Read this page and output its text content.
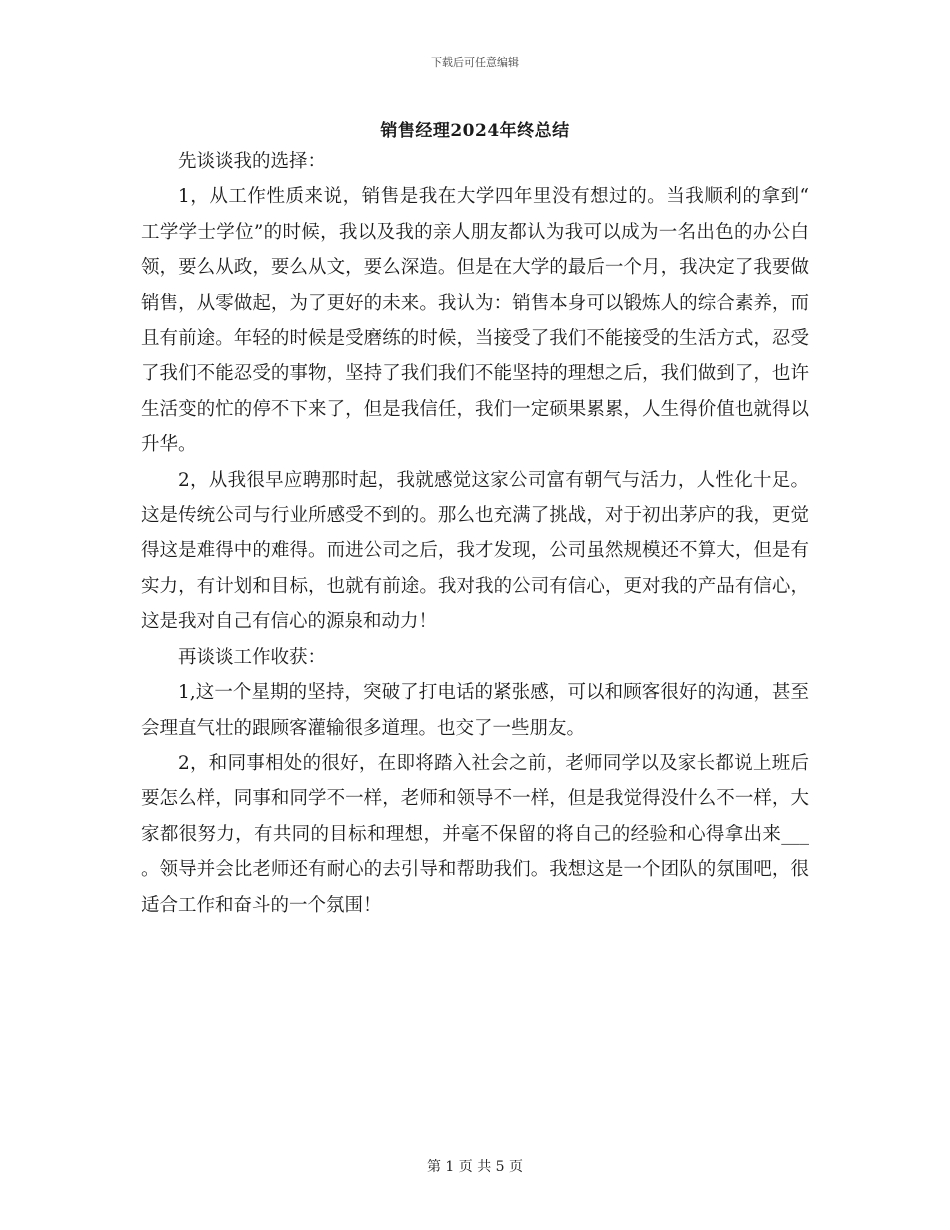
下载后可任意编辑
销售经理2024年终总结

先谈谈我的选择：

1，从工作性质来说，销售是我在大学四年里没有想过的。当我顺利的拿到“工学学士学位”的时候，我以及我的亲人朋友都认为我可以成为一名出色的办公白领，要么从政，要么从文，要么深造。但是在大学的最后一个月，我决定了我要做销售，从零做起，为了更好的未来。我认为：销售本身可以锻炼人的综合素养，而且有前途。年轻的时候是受磨练的时候，当接受了我们不能接受的生活方式，忍受了我们不能忍受的事物，坚持了我们我们不能坚持的理想之后，我们做到了，也许生活变的忙的停不下来了，但是我信任，我们一定硕果累累，人生得价值也就得以升华。

2，从我很早应聘那时起，我就感觉这家公司富有朝气与活力，人性化十足。这是传统公司与行业所感受不到的。那么也充满了挑战，对于初出茅庐的我，更觉得这是难得中的难得。而进公司之后，我才发现，公司虽然规模还不算大，但是有实力，有计划和目标，也就有前途。我对我的公司有信心，更对我的产品有信心，这是我对自己有信心的源泉和动力！

再谈谈工作收获：

1,这一个星期的坚持，突破了打电话的紧张感，可以和顾客很好的沟通，甚至会理直气壮的跟顾客灌输很多道理。也交了一些朋友。

2，和同事相处的很好，在即将踏入社会之前，老师同学以及家长都说上班后要怎么样，同事和同学不一样，老师和领导不一样，但是我觉得没什么不一样，大家都很努力，有共同的目标和理想，并毫不保留的将自己的经验和心得拿出来___。领导并会比老师还有耐心的去引导和帮助我们。我想这是一个团队的氛围吧，很适合工作和奋斗的一个氛围！

第 1 页 共 5 页
